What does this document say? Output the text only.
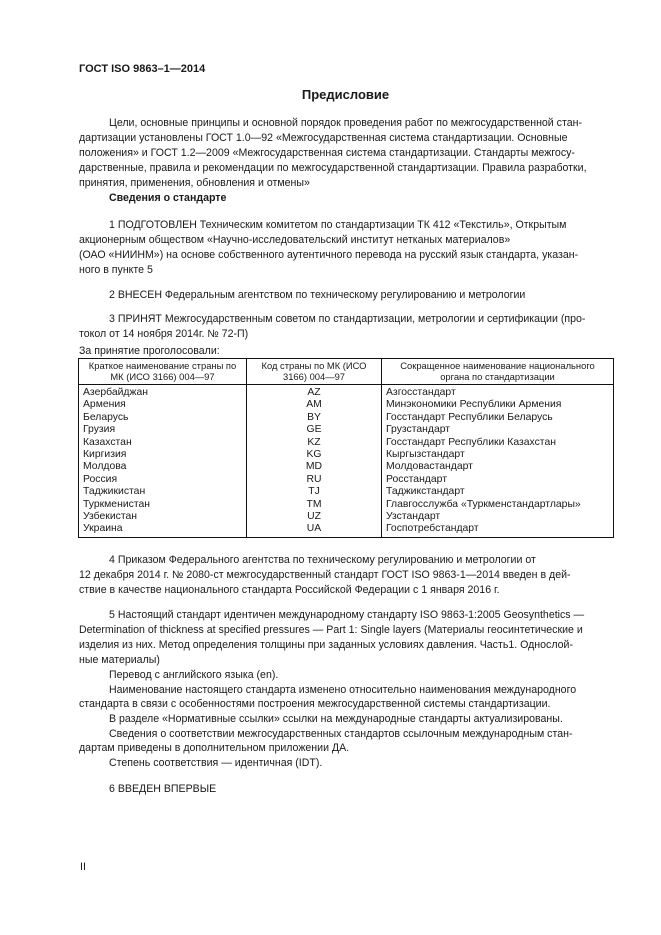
ГОСТ ISO 9863–1—2014
Предисловие

Цели, основные принципы и основной порядок проведения работ по межгосударственной стан-

дартизации установлены ГОСТ 1.0—92 «Межгосударственная система стандартизации. Основные

положения» и ГОСТ 1.2—2009 «Межгосударственная система стандартизации. Стандарты межгосу-

дарственные, правила и рекомендации по межгосударственной стандартизации. Правила разработки,

принятия, применения, обновления и отмены»

Сведения о стандарте

1 ПОДГОТОВЛЕН Техническим комитетом по стандартизации ТК 412 «Текстиль», Открытым

акционерным обществом «Научно-исследовательский институт нетканых материалов»

(ОАО «НИИНМ») на основе собственного аутентичного перевода на русский язык стандарта, указан-

ного в пункте 5

2 ВНЕСЕН Федеральным агентством по техническому регулированию и метрологии

3 ПРИНЯТ Межгосударственным советом по стандартизации, метрологии и сертификации (про-

токол от 14 ноября 2014г. № 72-П)

За принятие проголосовали:
Краткое наименование страны по МК (ИСО 3166) 004—97	Код страны по МК (ИСО 3166) 004—97	Сокращенное наименование национального органа по стандартизации
Азербайджан	AZ	Азгосстандарт
Армения	AM	Минэкономики Республики Армения
Беларусь	BY	Госстандарт Республики Беларусь
Грузия	GE	Грузстандарт
Казахстан	KZ	Госстандарт Республики Казахстан
Киргизия	KG	Кыргызстандарт
Молдова	MD	Молдовастандарт
Россия	RU	Росстандарт
Таджикистан	TJ	Таджикстандарт
Туркменистан	TM	Главгосслужба «Туркменстандартлары»
Узбекистан	UZ	Узстандарт
Украина	UA	Госпотребстандарт

4 Приказом Федерального агентства по техническому регулированию и метрологии от

12 декабря 2014 г. № 2080-ст межгосударственный стандарт ГОСТ ISO 9863-1—2014 введен в дей-

ствие в качестве национального стандарта Российской Федерации с 1 января 2016 г.

5 Настоящий стандарт идентичен международному стандарту ISO 9863-1:2005 Geosynthetics —

Determination of thickness at specified pressures — Part 1: Single layers (Материалы геосинтетические и

изделия из них. Метод определения толщины при заданных условиях давления. Часть1. Однослой-

ные материалы)

Перевод с английского языка (en).

Наименование настоящего стандарта изменено относительно наименования международного

стандарта в связи с особенностями построения межгосударственной системы стандартизации.

В разделе «Нормативные ссылки» ссылки на международные стандарты актуализированы.

Сведения о соответствии межгосударственных стандартов ссылочным международным стан-

дартам приведены в дополнительном приложении ДА.

Степень соответствия — идентичная (IDT).

6 ВВЕДЕН ВПЕРВЫЕ

II
